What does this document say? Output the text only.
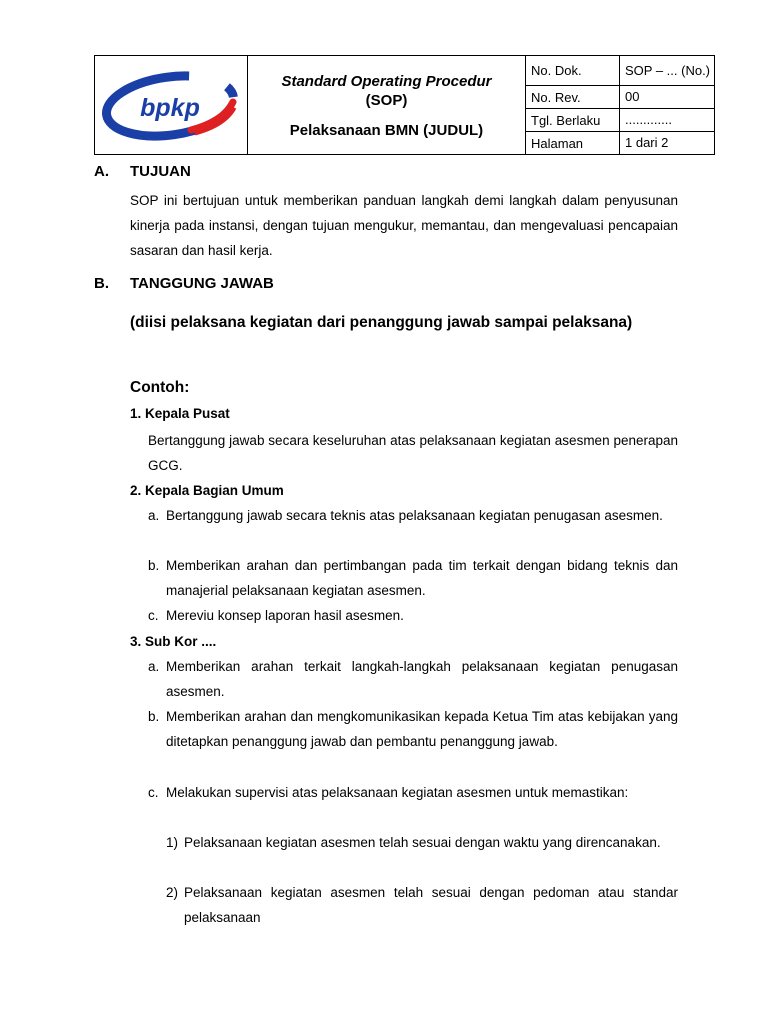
bpkp	Standard Operating Procedur
(SOP)
Pelaksanaan BMN (JUDUL)	No. Dok.	SOP – ... (No.)
		No. Rev.	00
		Tgl. Berlaku	.............
		Halaman	1 dari 2
A. TUJUAN
SOP ini bertujuan untuk memberikan panduan langkah demi langkah dalam penyusunan kinerja pada instansi, dengan tujuan mengukur, memantau, dan mengevaluasi pencapaian sasaran dan hasil kerja.
B. TANGGUNG JAWAB
(diisi pelaksana kegiatan dari penanggung jawab sampai pelaksana)
Contoh:
1. Kepala Pusat
Bertanggung jawab secara keseluruhan atas pelaksanaan kegiatan asesmen penerapan GCG.
2. Kepala Bagian Umum
a. Bertanggung jawab secara teknis atas pelaksanaan kegiatan penugasan asesmen.
b. Memberikan arahan dan pertimbangan pada tim terkait dengan bidang teknis dan manajerial pelaksanaan kegiatan asesmen.
c. Mereviu konsep laporan hasil asesmen.
3. Sub Kor ....
a. Memberikan arahan terkait langkah-langkah pelaksanaan kegiatan penugasan asesmen.
b. Memberikan arahan dan mengkomunikasikan kepada Ketua Tim atas kebijakan yang ditetapkan penanggung jawab dan pembantu penanggung jawab.
c. Melakukan supervisi atas pelaksanaan kegiatan asesmen untuk memastikan:
1) Pelaksanaan kegiatan asesmen telah sesuai dengan waktu yang direncanakan.
2) Pelaksanaan kegiatan asesmen telah sesuai dengan pedoman atau standar pelaksanaan
